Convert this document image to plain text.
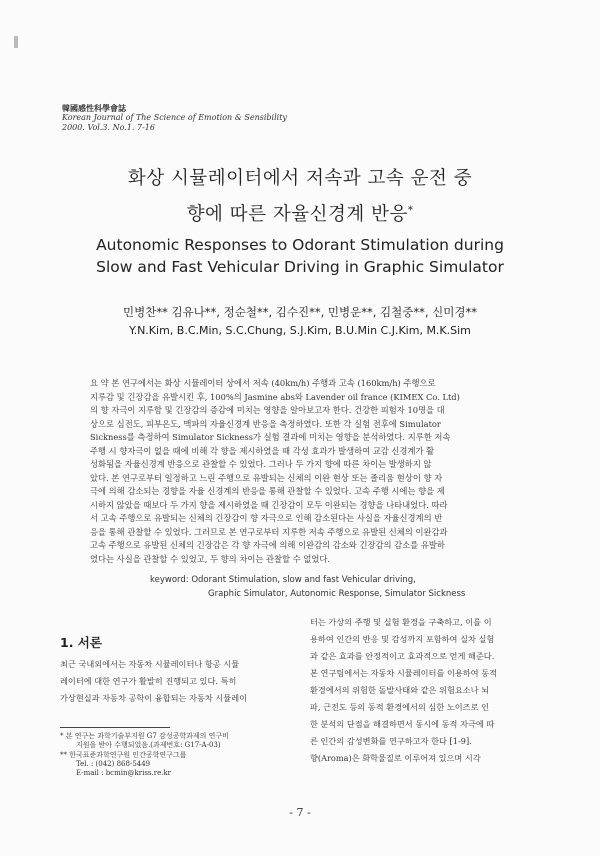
韓國感性科學會誌
Korean Journal of The Science of Emotion & Sensibility
2000. Vol.3. No.1. 7-16
화상 시뮬레이터에서 저속과 고속 운전 중
향에 따른 자율신경계 반응*
Autonomic Responses to Odorant Stimulation during
Slow and Fast Vehicular Driving in Graphic Simulator
민병찬** 김유나**, 정순철**, 김수진**, 민병운**, 김철중**, 신미경**
Y.N.Kim, B.C.Min, S.C.Chung, S.J.Kim, B.U.Min C.J.Kim, M.K.Sim
요 약 본 연구에서는 화상 시뮬레이터 상에서 저속 (40km/h) 주행과 고속 (160km/h) 주행으로
지루감 및 긴장감을 유발시킨 후, 100%의 Jasmine abs와 Lavender oil france (KIMEX Co. Ltd)
의 향 자극이 지루함 및 긴장감의 증감에 미치는 영향을 알아보고자 한다. 건강한 피험자 10명을 대
상으로 심전도, 피부온도, 맥파의 자율신경계 반응을 측정하였다. 또한 각 실험 전후에 Simulator
Sickness를 측정하여 Simulator Sickness가 실험 결과에 미치는 영향을 분석하였다. 지루한 저속
주행 시 향자극이 없을 때에 비해 각 향을 제시하였을 때 각성 효과가 발생하여 교감 신경계가 활
성화됨을 자율신경계 반응으로 관찰할 수 있었다. 그러나 두 가지 향에 따른 차이는 발생하지 않
았다. 본 연구로부터 일정하고 느린 주행으로 유발되는 신체의 이완 현상 또는 졸리움 현상이 향 자
극에 의해 감소되는 경향을 자율 신경계의 반응을 통해 관찰할 수 있었다. 고속 주행 시에는 향을 제
시하지 않았을 때보다 두 가지 향을 제시하였을 때 긴장감이 모두 이완되는 경향을 나타내었다. 따라
서 고속 주행으로 유발되는 신체의 긴장감이 향 자극으로 인해 감소된다는 사실을 자율신경계의 반
응을 통해 관찰할 수 있었다. 그러므로 본 연구로부터 지루한 저속 주행으로 유발된 신체의 이완감과
고속 주행으로 유발된 신체의 긴장감은 각 향 자극에 의해 이완감의 감소와 긴장감의 감소를 유발하
였다는 사실을 관찰할 수 있었고, 두 향의 차이는 관찰할 수 없었다.
keyword: Odorant Stimulation, slow and fast Vehicular driving,
Graphic Simulator, Autonomic Response, Simulator Sickness
1. 서론
최근 국내외에서는 자동차 시뮬레이터나 항공 시뮬
레이터에 대한 연구가 활발히 진행되고 있다. 특히
가상현실과 자동차 공학이 융합되는 자동차 시뮬레이
터는 가상의 주행 및 실험 환경을 구축하고, 이를 이
용하여 인간의 반응 및 감성까지 포함하여 실차 실험
과 같은 효과를 안정적이고 효과적으로 얻게 해준다.
본 연구팀에서는 자동차 시뮬레이터를 이용하여 동적
환경에서의 위험한 돌발사태와 같은 위험요소나 뇌
파, 근전도 등의 동적 환경에서의 심한 노이즈로 인
한 분석의 단점을 해결하면서 동시에 동적 자극에 따
른 인간의 감성변화를 연구하고자 한다 [1-9].
향(Aroma)은 화학물질로 이루어져 있으며 시각
* 본 연구는 과학기술부지원 G7 감성공학과제의 연구비
지원을 받아 수행되었음.(과제번호: G17-A-03)
** 한국표준과학연구원 인간공학연구그룹
Tel. : (042) 868-5449
E-mail : bcmin@kriss.re.kr
- 7 -
